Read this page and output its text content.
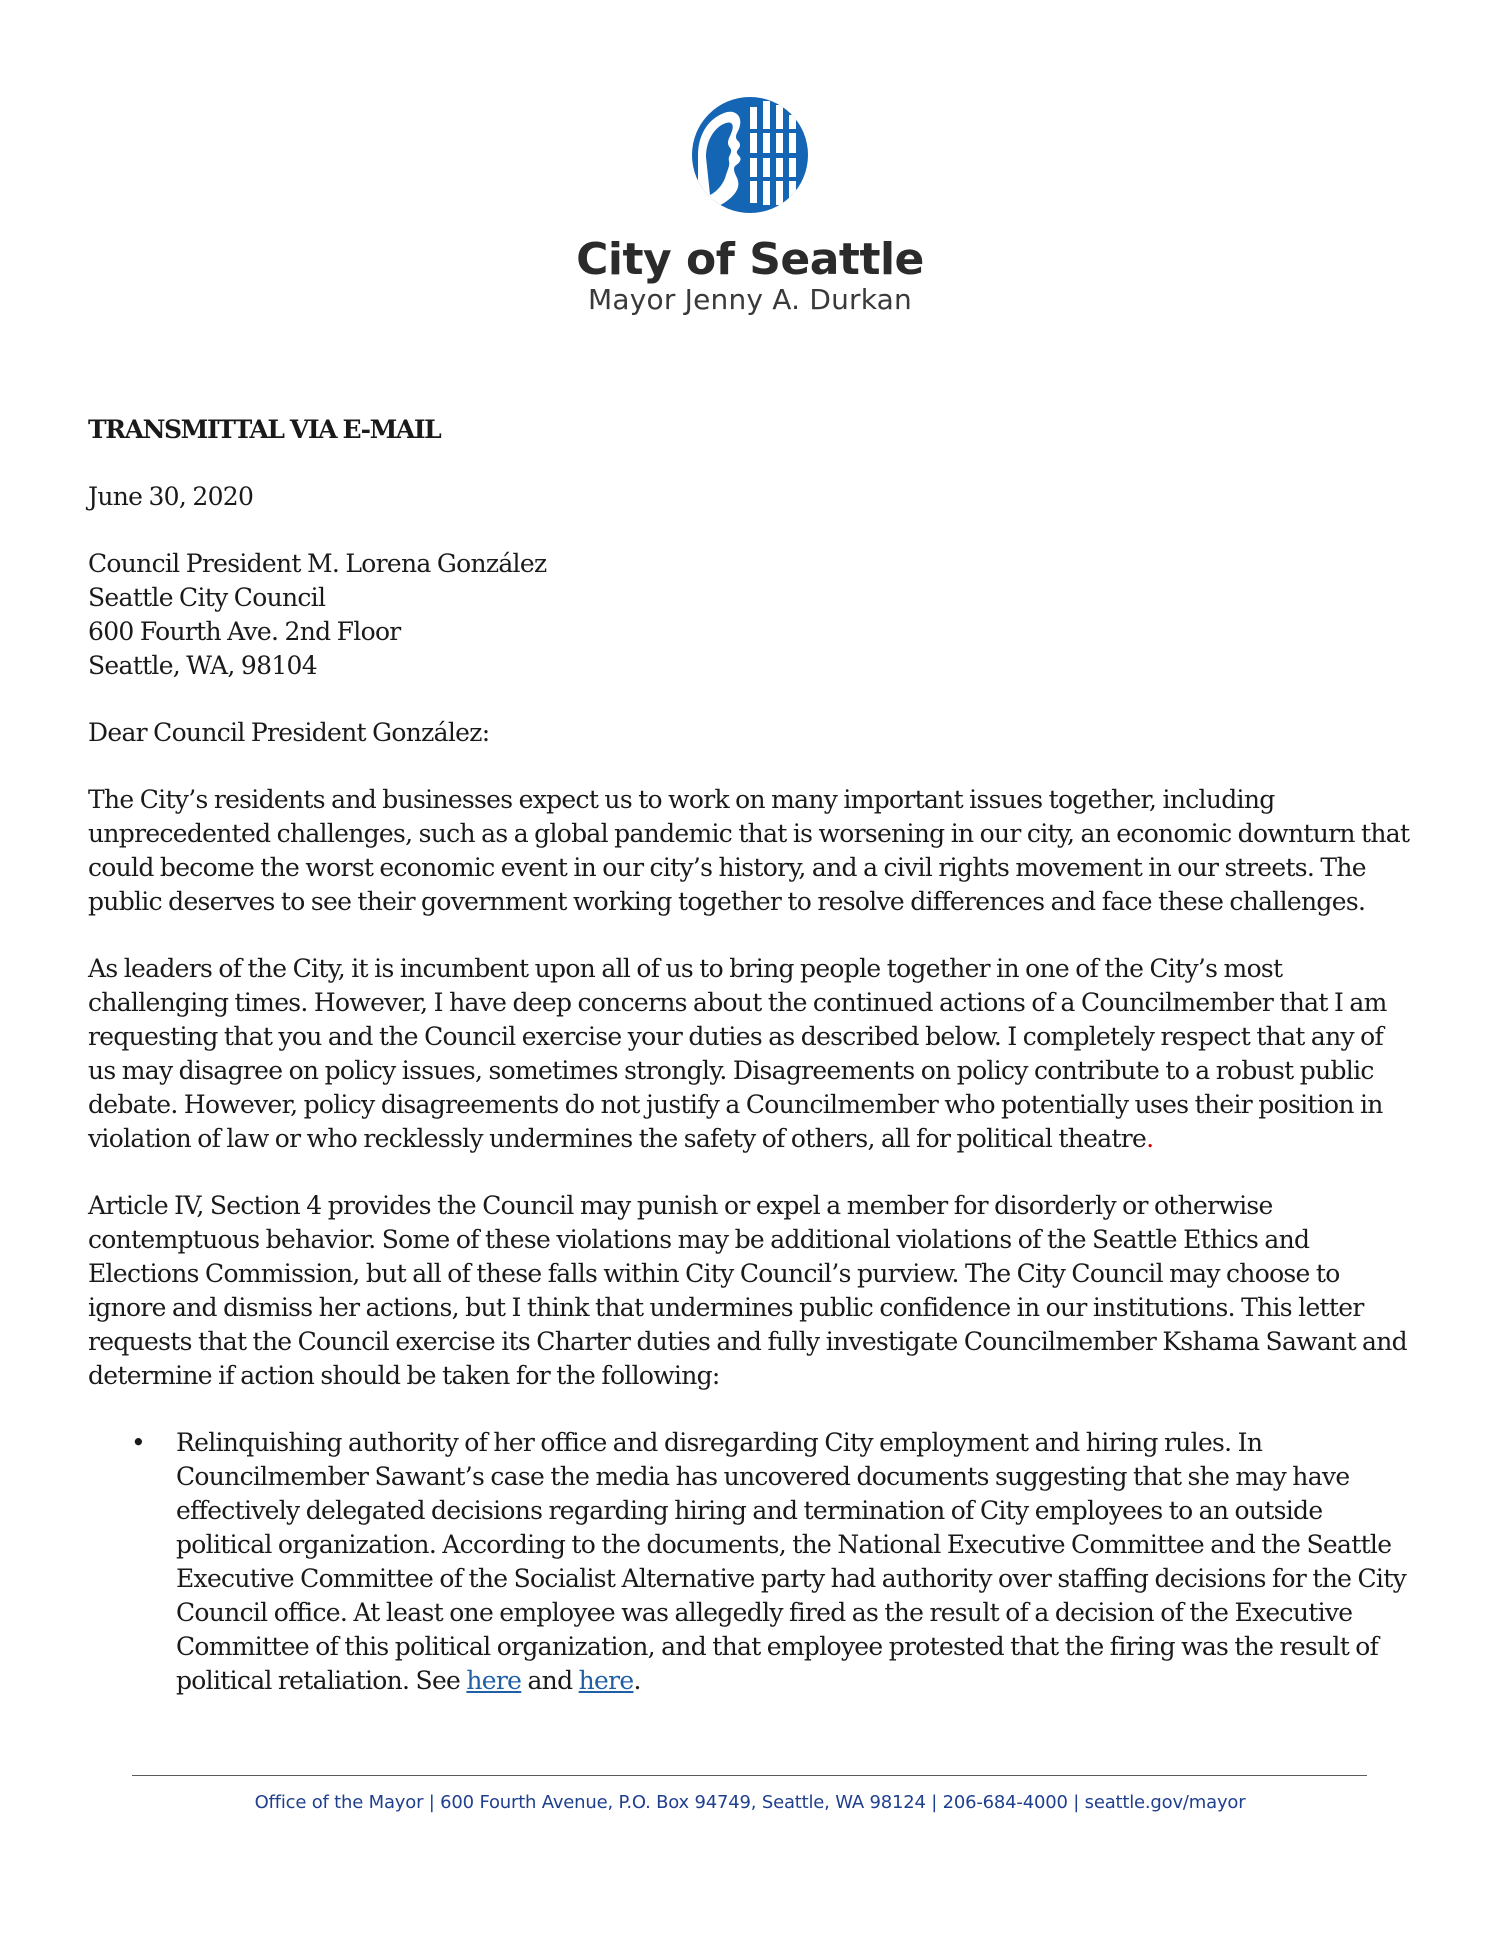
City of Seattle
Mayor Jenny A. Durkan
TRANSMITTAL VIA E-MAIL
June 30, 2020
Council President M. Lorena González
Seattle City Council
600 Fourth Ave. 2nd Floor
Seattle, WA, 98104
Dear Council President González:
The City’s residents and businesses expect us to work on many important issues together, including unprecedented challenges, such as a global pandemic that is worsening in our city, an economic downturn that could become the worst economic event in our city’s history, and a civil rights movement in our streets. The public deserves to see their government working together to resolve differences and face these challenges.
As leaders of the City, it is incumbent upon all of us to bring people together in one of the City’s most challenging times. However, I have deep concerns about the continued actions of a Councilmember that I am requesting that you and the Council exercise your duties as described below. I completely respect that any of us may disagree on policy issues, sometimes strongly. Disagreements on policy contribute to a robust public debate. However, policy disagreements do not justify a Councilmember who potentially uses their position in violation of law or who recklessly undermines the safety of others, all for political theatre.
Article IV, Section 4 provides the Council may punish or expel a member for disorderly or otherwise contemptuous behavior. Some of these violations may be additional violations of the Seattle Ethics and Elections Commission, but all of these falls within City Council’s purview. The City Council may choose to ignore and dismiss her actions, but I think that undermines public confidence in our institutions. This letter requests that the Council exercise its Charter duties and fully investigate Councilmember Kshama Sawant and determine if action should be taken for the following:
• Relinquishing authority of her office and disregarding City employment and hiring rules. In Councilmember Sawant’s case the media has uncovered documents suggesting that she may have effectively delegated decisions regarding hiring and termination of City employees to an outside political organization. According to the documents, the National Executive Committee and the Seattle Executive Committee of the Socialist Alternative party had authority over staffing decisions for the City Council office. At least one employee was allegedly fired as the result of a decision of the Executive Committee of this political organization, and that employee protested that the firing was the result of political retaliation. See here and here.
Office of the Mayor | 600 Fourth Avenue, P.O. Box 94749, Seattle, WA 98124 | 206-684-4000 | seattle.gov/mayor
